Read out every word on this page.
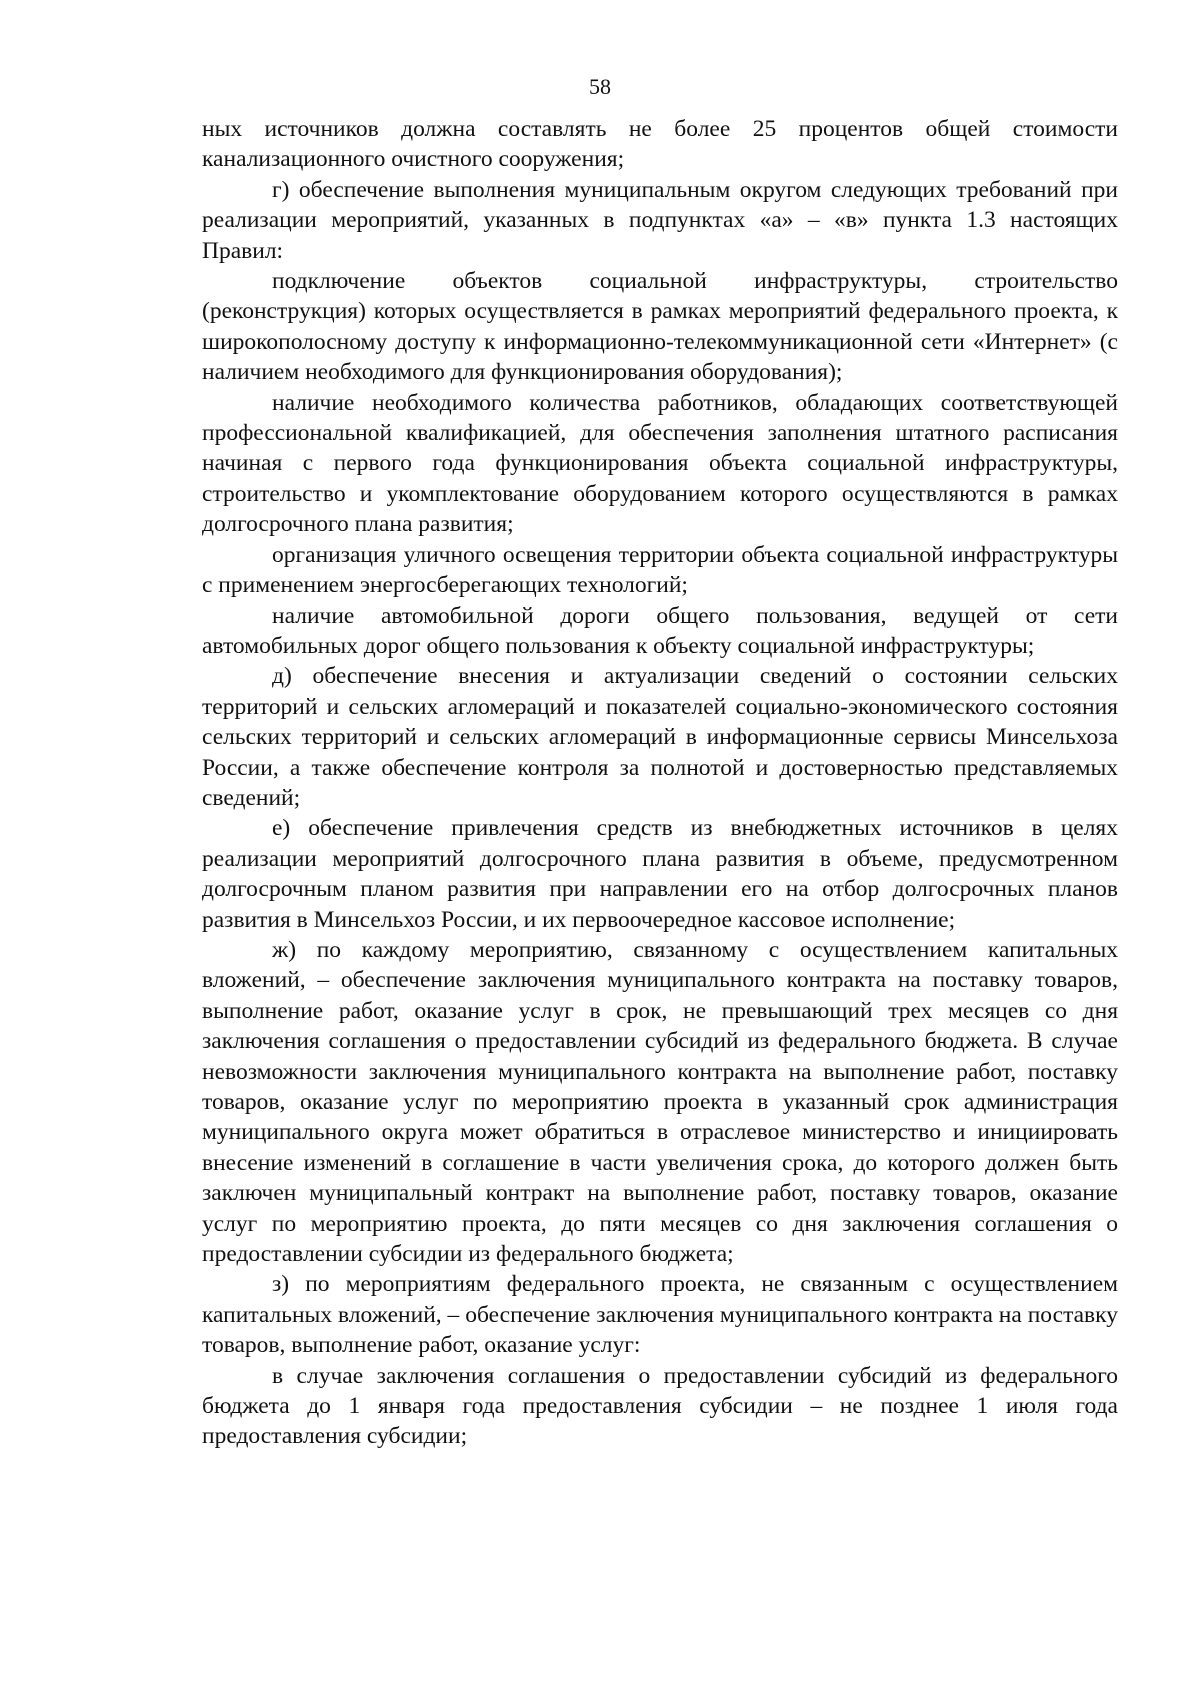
58

ных источников должна составлять не более 25 процентов общей стоимости канализационного очистного сооружения;

г) обеспечение выполнения муниципальным округом следующих требований при реализации мероприятий, указанных в подпунктах «а» – «в» пункта 1.3 настоящих Правил:

подключение объектов социальной инфраструктуры, строительство (реконструкция) которых осуществляется в рамках мероприятий федерального проекта, к широкополосному доступу к информационно-телекоммуникационной сети «Интернет» (с наличием необходимого для функционирования оборудования);

наличие необходимого количества работников, обладающих соответствующей профессиональной квалификацией, для обеспечения заполнения штатного расписания начиная с первого года функционирования объекта социальной инфраструктуры, строительство и укомплектование оборудованием которого осуществляются в рамках долгосрочного плана развития;

организация уличного освещения территории объекта социальной инфраструктуры с применением энергосберегающих технологий;

наличие автомобильной дороги общего пользования, ведущей от сети автомобильных дорог общего пользования к объекту социальной инфраструктуры;

д) обеспечение внесения и актуализации сведений о состоянии сельских территорий и сельских агломераций и показателей социально-экономического состояния сельских территорий и сельских агломераций в информационные сервисы Минсельхоза России, а также обеспечение контроля за полнотой и достоверностью представляемых сведений;

е) обеспечение привлечения средств из внебюджетных источников в целях реализации мероприятий долгосрочного плана развития в объеме, предусмотренном долгосрочным планом развития при направлении его на отбор долгосрочных планов развития в Минсельхоз России, и их первоочередное кассовое исполнение;

ж) по каждому мероприятию, связанному с осуществлением капитальных вложений, – обеспечение заключения муниципального контракта на поставку товаров, выполнение работ, оказание услуг в срок, не превышающий трех месяцев со дня заключения соглашения о предоставлении субсидий из федерального бюджета. В случае невозможности заключения муниципального контракта на выполнение работ, поставку товаров, оказание услуг по мероприятию проекта в указанный срок администрация муниципального округа может обратиться в отраслевое министерство и инициировать внесение изменений в соглашение в части увеличения срока, до которого должен быть заключен муниципальный контракт на выполнение работ, поставку товаров, оказание услуг по мероприятию проекта, до пяти месяцев со дня заключения соглашения о предоставлении субсидии из федерального бюджета;

з) по мероприятиям федерального проекта, не связанным с осуществлением капитальных вложений, – обеспечение заключения муниципального контракта на поставку товаров, выполнение работ, оказание услуг:

в случае заключения соглашения о предоставлении субсидий из федерального бюджета до 1 января года предоставления субсидии – не позднее 1 июля года предоставления субсидии;
